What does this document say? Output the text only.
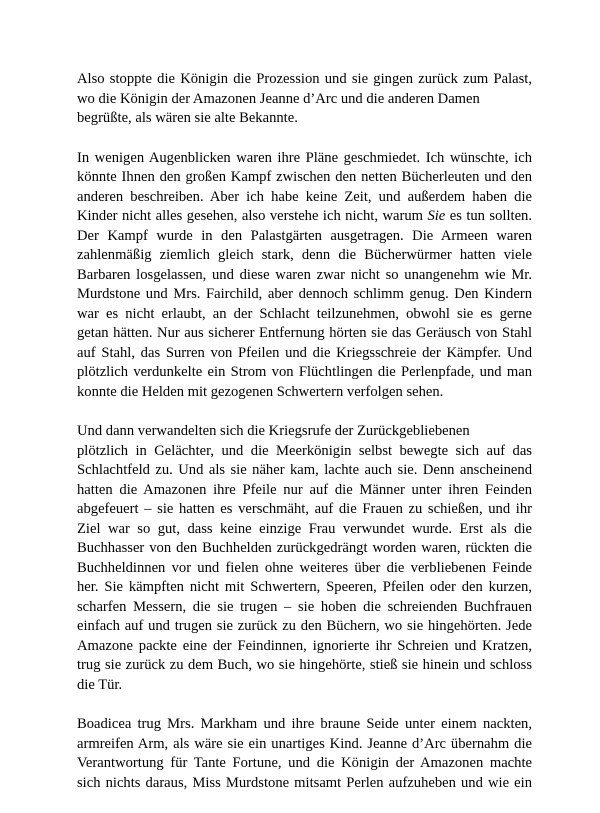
Also stoppte die Königin die Prozession und sie gingen zurück zum Palast,
wo die Königin der Amazonen Jeanne d’Arc und die anderen Damen
begrüßte, als wären sie alte Bekannte.

In wenigen Augenblicken waren ihre Pläne geschmiedet. Ich wünschte, ich
könnte Ihnen den großen Kampf zwischen den netten Bücherleuten und den
anderen beschreiben. Aber ich habe keine Zeit, und außerdem haben die
Kinder nicht alles gesehen, also verstehe ich nicht, warum Sie es tun sollten.
Der Kampf wurde in den Palastgärten ausgetragen. Die Armeen waren
zahlenmäßig ziemlich gleich stark, denn die Bücherwürmer hatten viele
Barbaren losgelassen, und diese waren zwar nicht so unangenehm wie Mr.
Murdstone und Mrs. Fairchild, aber dennoch schlimm genug. Den Kindern
war es nicht erlaubt, an der Schlacht teilzunehmen, obwohl sie es gerne
getan hätten. Nur aus sicherer Entfernung hörten sie das Geräusch von Stahl
auf Stahl, das Surren von Pfeilen und die Kriegsschreie der Kämpfer. Und
plötzlich verdunkelte ein Strom von Flüchtlingen die Perlenpfade, und man
konnte die Helden mit gezogenen Schwertern verfolgen sehen.

Und dann verwandelten sich die Kriegsrufe der Zurückgebliebenen
plötzlich in Gelächter, und die Meerkönigin selbst bewegte sich auf das
Schlachtfeld zu. Und als sie näher kam, lachte auch sie. Denn anscheinend
hatten die Amazonen ihre Pfeile nur auf die Männer unter ihren Feinden
abgefeuert – sie hatten es verschmäht, auf die Frauen zu schießen, und ihr
Ziel war so gut, dass keine einzige Frau verwundet wurde. Erst als die
Buchhasser von den Buchhelden zurückgedrängt worden waren, rückten die
Buchheldinnen vor und fielen ohne weiteres über die verbliebenen Feinde
her. Sie kämpften nicht mit Schwertern, Speeren, Pfeilen oder den kurzen,
scharfen Messern, die sie trugen – sie hoben die schreienden Buchfrauen
einfach auf und trugen sie zurück zu den Büchern, wo sie hingehörten. Jede
Amazone packte eine der Feindinnen, ignorierte ihr Schreien und Kratzen,
trug sie zurück zu dem Buch, wo sie hingehörte, stieß sie hinein und schloss
die Tür.

Boadicea trug Mrs. Markham und ihre braune Seide unter einem nackten,
armreifen Arm, als wäre sie ein unartiges Kind. Jeanne d’Arc übernahm die
Verantwortung für Tante Fortune, und die Königin der Amazonen machte
sich nichts daraus, Miss Murdstone mitsamt Perlen aufzuheben und wie ein
